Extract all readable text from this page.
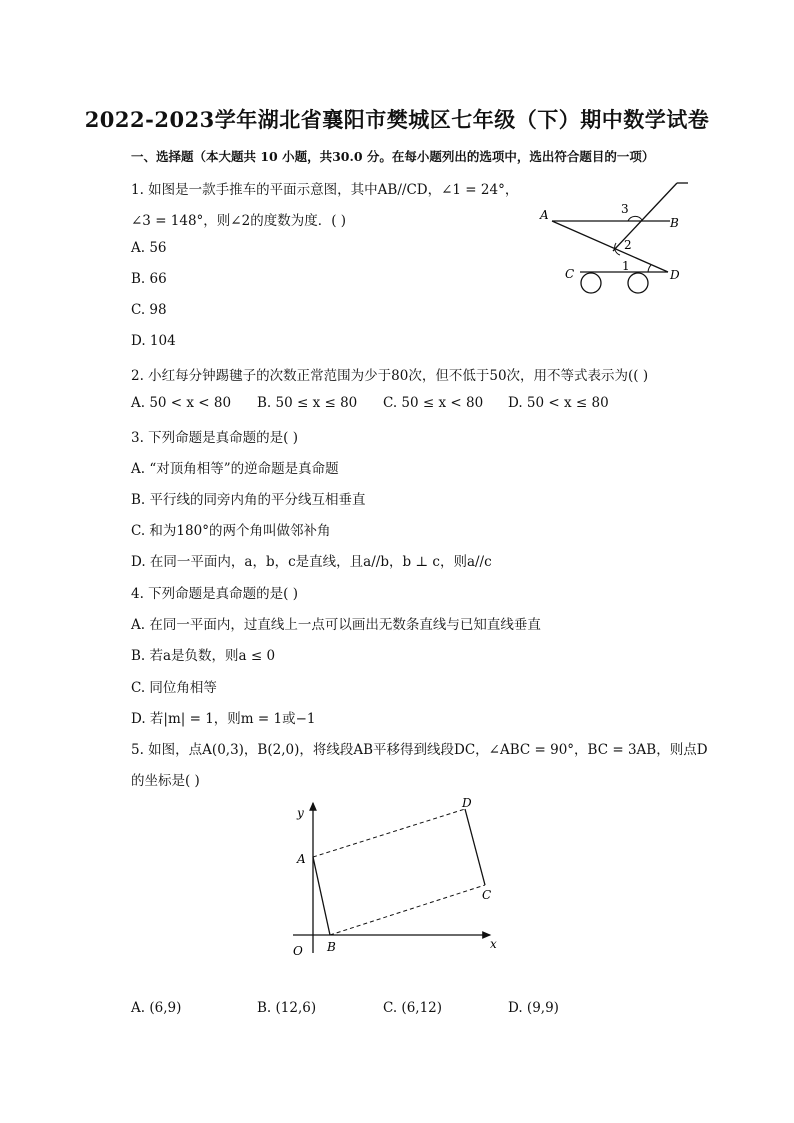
2022-2023学年湖北省襄阳市樊城区七年级（下）期中数学试卷
一、选择题（本大题共 10 小题，共30.0 分。在每小题列出的选项中，选出符合题目的一项）
1. 如图是一款手推车的平面示意图，其中AB//CD，∠1 = 24°，
∠3 = 148°，则∠2的度数为度．( )
A. 56
B. 66
C. 98
D. 104
A
B
C	D
3
2
1
2. 小红每分钟踢毽子的次数正常范围为少于80次，但不低于50次，用不等式表示为(( )
A. 50 < x < 80 B. 50 ≤ x ≤ 80 C. 50 ≤ x < 80 D. 50 < x ≤ 80
3. 下列命题是真命题的是( )
A. “对顶角相等”的逆命题是真命题
B. 平行线的同旁内角的平分线互相垂直
C. 和为180°的两个角叫做邻补角
D. 在同一平面内，a，b，c是直线，且a//b，b ⊥ c，则a//c
4. 下列命题是真命题的是( )
A. 在同一平面内，过直线上一点可以画出无数条直线与已知直线垂直
B. 若a是负数，则a ≤ 0
C. 同位角相等
D. 若|m| = 1，则m = 1或−1
5. 如图，点A(0,3)，B(2,0)，将线段AB平移得到线段DC，∠ABC = 90°，BC = 3AB，则点D
的坐标是( )
y
x
O
A
B
C
D
A. (6,9)	B. (12,6)	C. (6,12)	D. (9,9)
